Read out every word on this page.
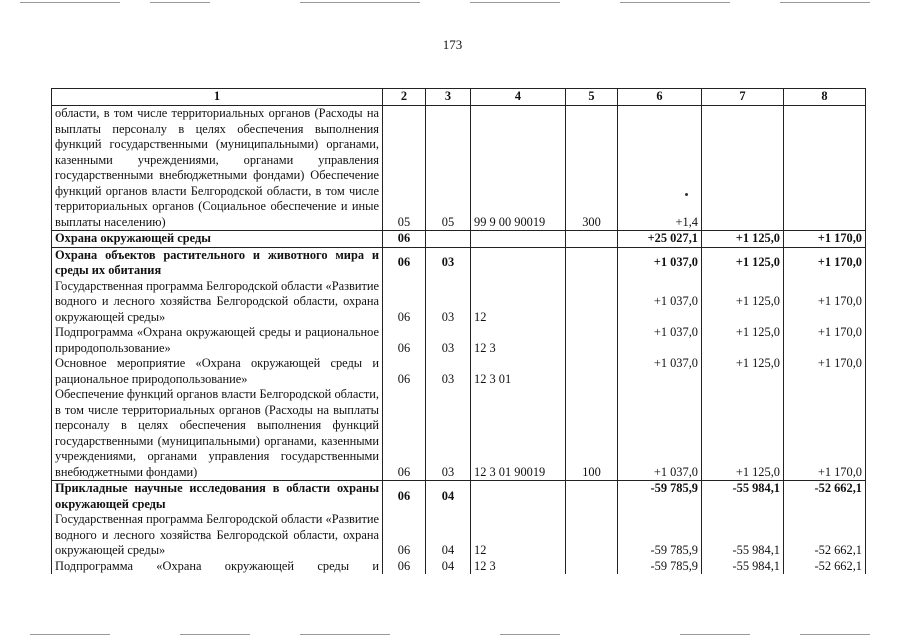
173
1	2	3	4	5	6	7	8
области, в том числе территориальных органов (Расходы на выплаты персоналу в целях обеспечения выполнения функций государственными (муниципальными) органами, казенными учреждениями, органами управления государственными внебюджетными фондами) Обеспечение функций органов власти Белгородской области, в том числе территориальных органов (Социальное обеспечение и иные выплаты населению)	05	05	99 9 00 90019	300	+1,4		
Охрана окружающей среды	06				+25 027,1	+1 125,0	+1 170,0
Охрана объектов растительного и животного мира и среды их обитания	06	03			+1 037,0	+1 125,0	+1 170,0
Государственная программа Белгородской области «Развитие водного и лесного хозяйства Белгородской области, охрана окружающей среды»	06	03	12		+1 037,0	+1 125,0	+1 170,0
Подпрограмма «Охрана окружающей среды и рациональное природопользование»	06	03	12 3		+1 037,0	+1 125,0	+1 170,0
Основное мероприятие «Охрана окружающей среды и рациональное природопользование»	06	03	12 3 01		+1 037,0	+1 125,0	+1 170,0
Обеспечение функций органов власти Белгородской области, в том числе территориальных органов (Расходы на выплаты персоналу в целях обеспечения выполнения функций государственными (муниципальными) органами, казенными учреждениями, органами управления государственными внебюджетными фондами)	06	03	12 3 01 90019	100	+1 037,0	+1 125,0	+1 170,0
Прикладные научные исследования в области охраны окружающей среды	06	04			-59 785,9	-55 984,1	-52 662,1
Государственная программа Белгородской области «Развитие водного и лесного хозяйства Белгородской области, охрана окружающей среды»	06	04	12		-59 785,9	-55 984,1	-52 662,1
Подпрограмма «Охрана окружающей среды и	06	04	12 3		-59 785,9	-55 984,1	-52 662,1
